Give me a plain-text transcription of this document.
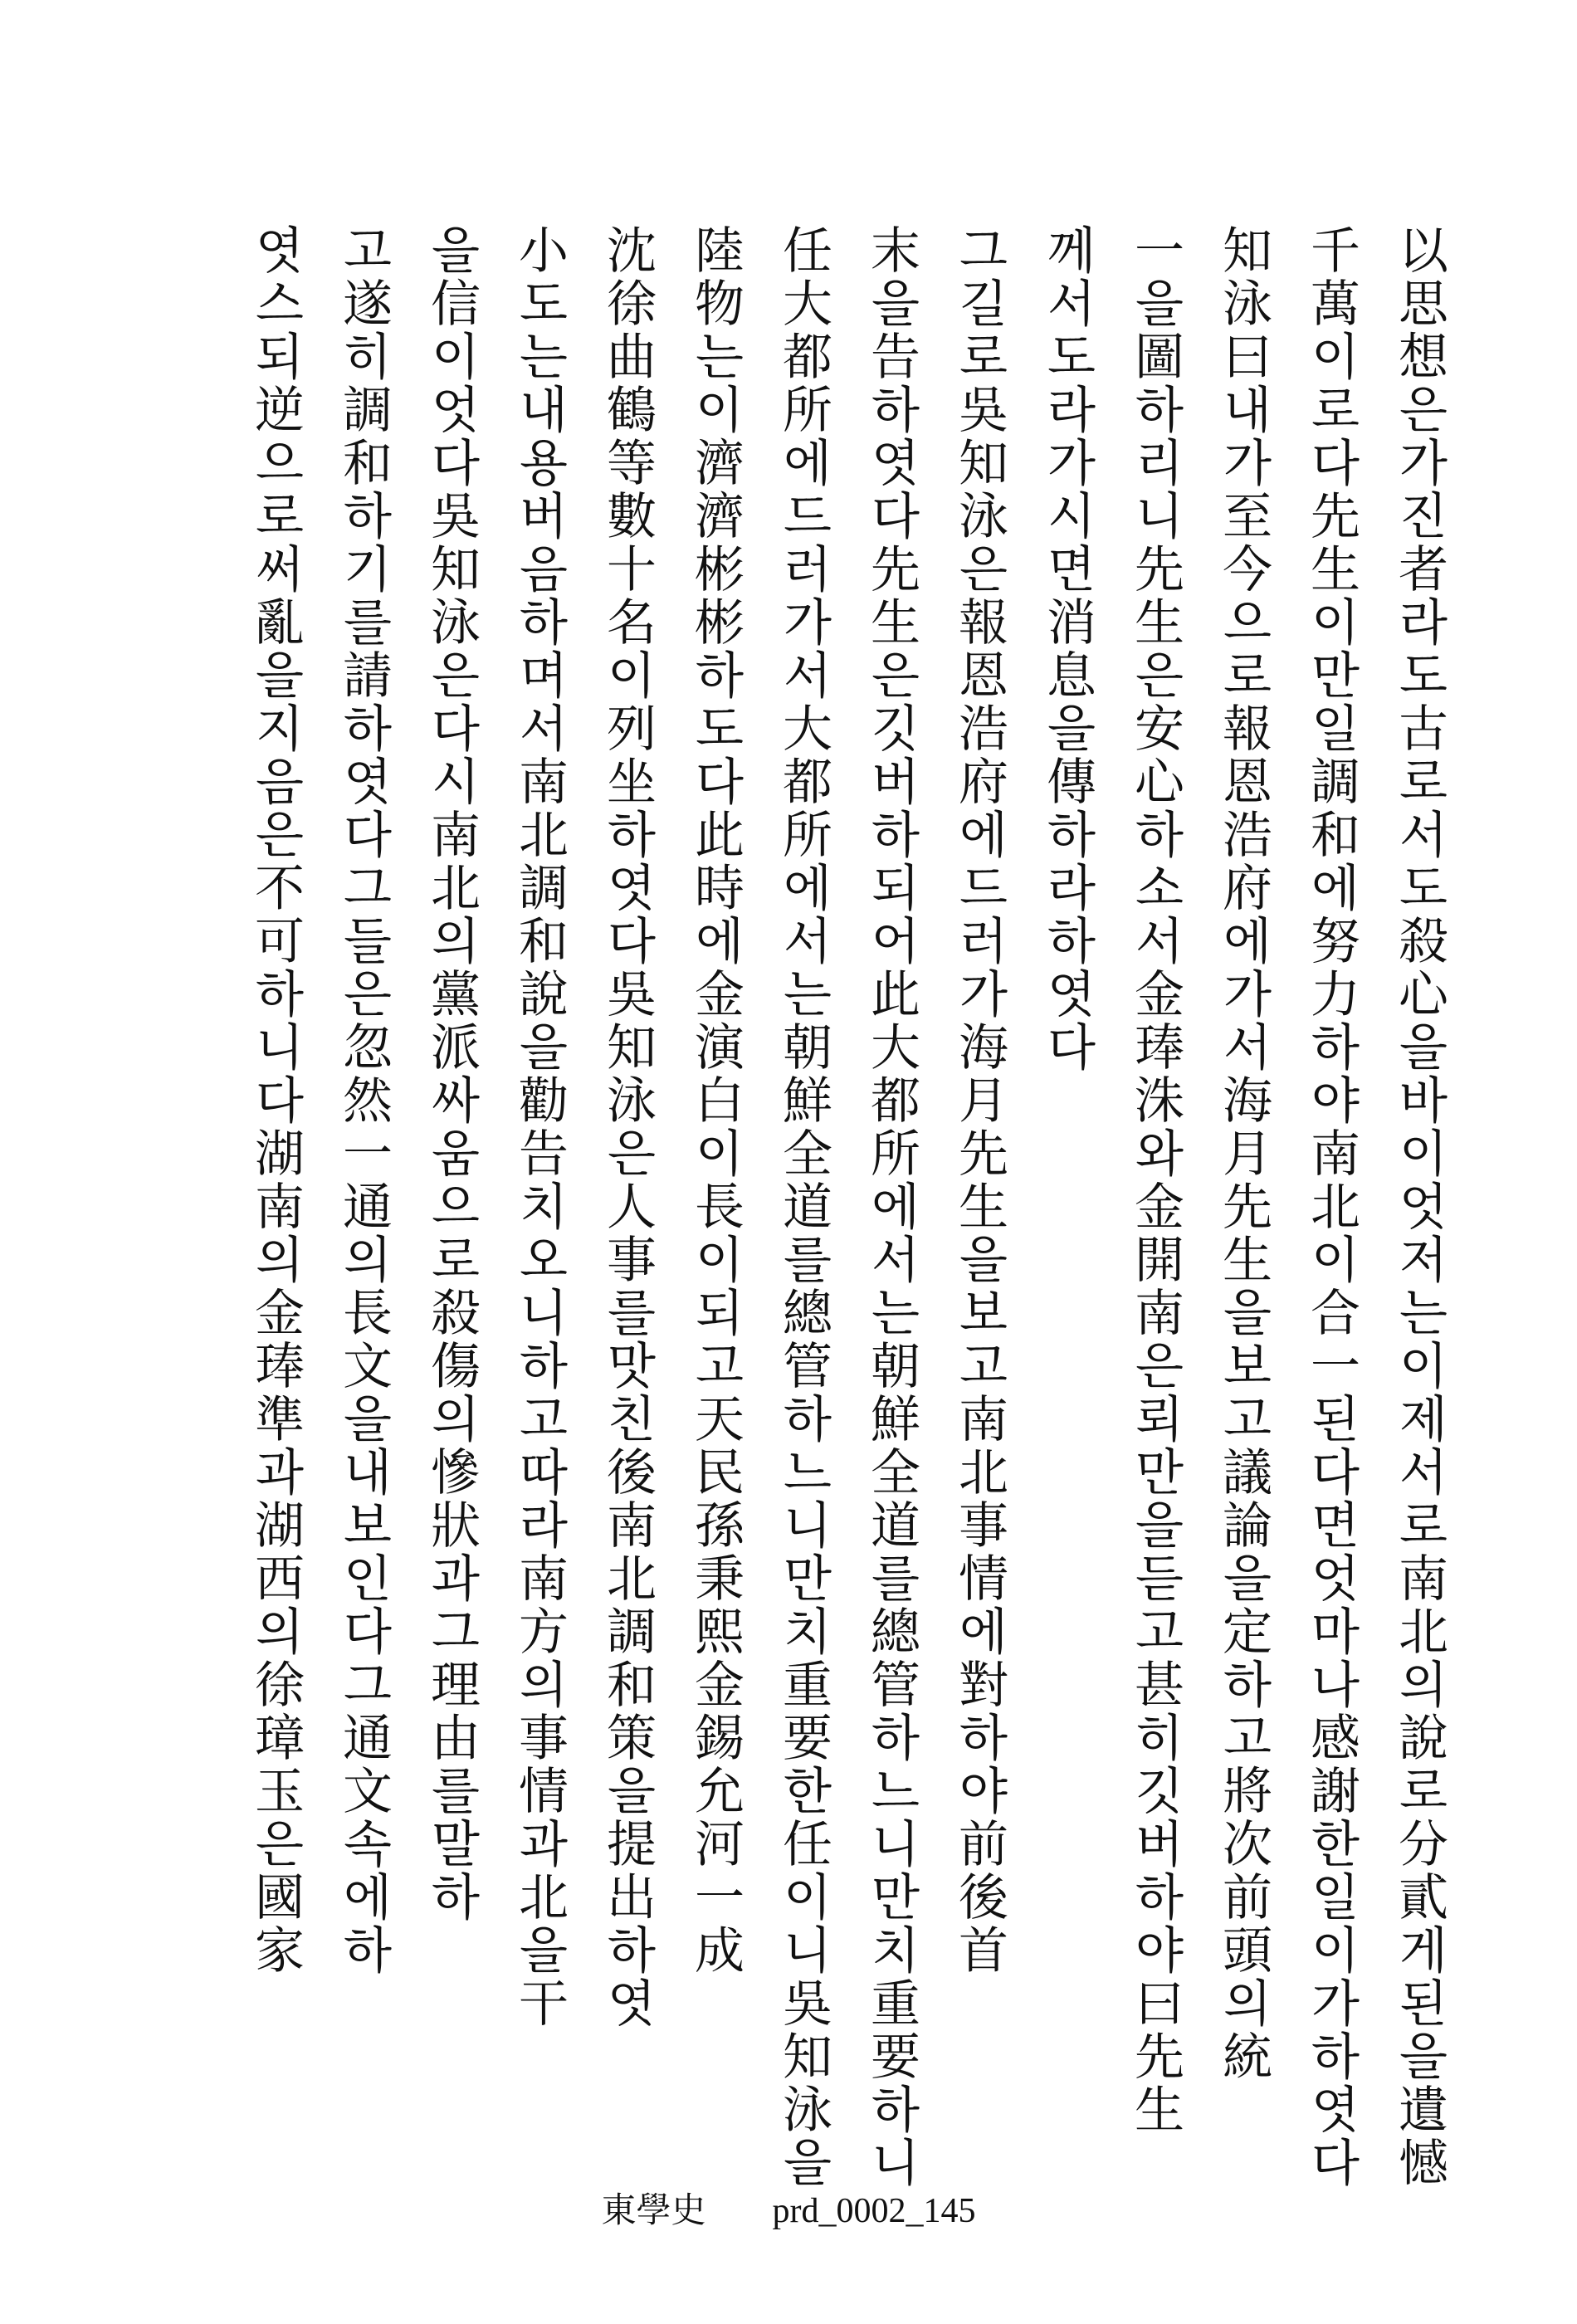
以思想은가진者라도古로서도殺心을바이엇저는이제서로南北의說로分貳게된을遺憾
千萬이로다先生이만일調和에努力하야南北이合一된다면엇마나感謝한일이가하엿다
知泳曰내가至今으로報恩浩府에가서海月先生을보고議論을定하고將次前頭의統
一을圖하리니先生은安心하소서金琫洙와金開南은뢰만을듣고甚히깃버하야曰先生
께서도라가시면消息을傳하라하엿다
그길로吳知泳은報恩浩府에드러가海月先生을보고南北事情에對하야前後首
末을告하엿다先生은깃버하되어此大都所에서는朝鮮全道를總管하느니만치重要하니
任大都所에드러가서大都所에서는朝鮮全道를總管하느니만치重要한任이니吳知泳을
陸物는이濟濟彬彬하도다此時에金演白이長이되고天民孫秉熙金錫允河一成
沈徐曲鶴等數十名이列坐하엿다吳知泳은人事를맛친後南北調和策을提出하엿
小도는내용버음하며서南北調和說을勸告치오니하고따라南方의事情과北을干
을信이엇다吳知泳은다시南北의黨派싸움으로殺傷의慘狀과그理由를말하
고遂히調和하기를請하엿다그들은忽然一通의長文을내보인다그通文속에하
엿스되逆으로써亂을지음은不可하니다湖南의金琫準과湖西의徐璋玉은國家
東學史 prd_0002_145
